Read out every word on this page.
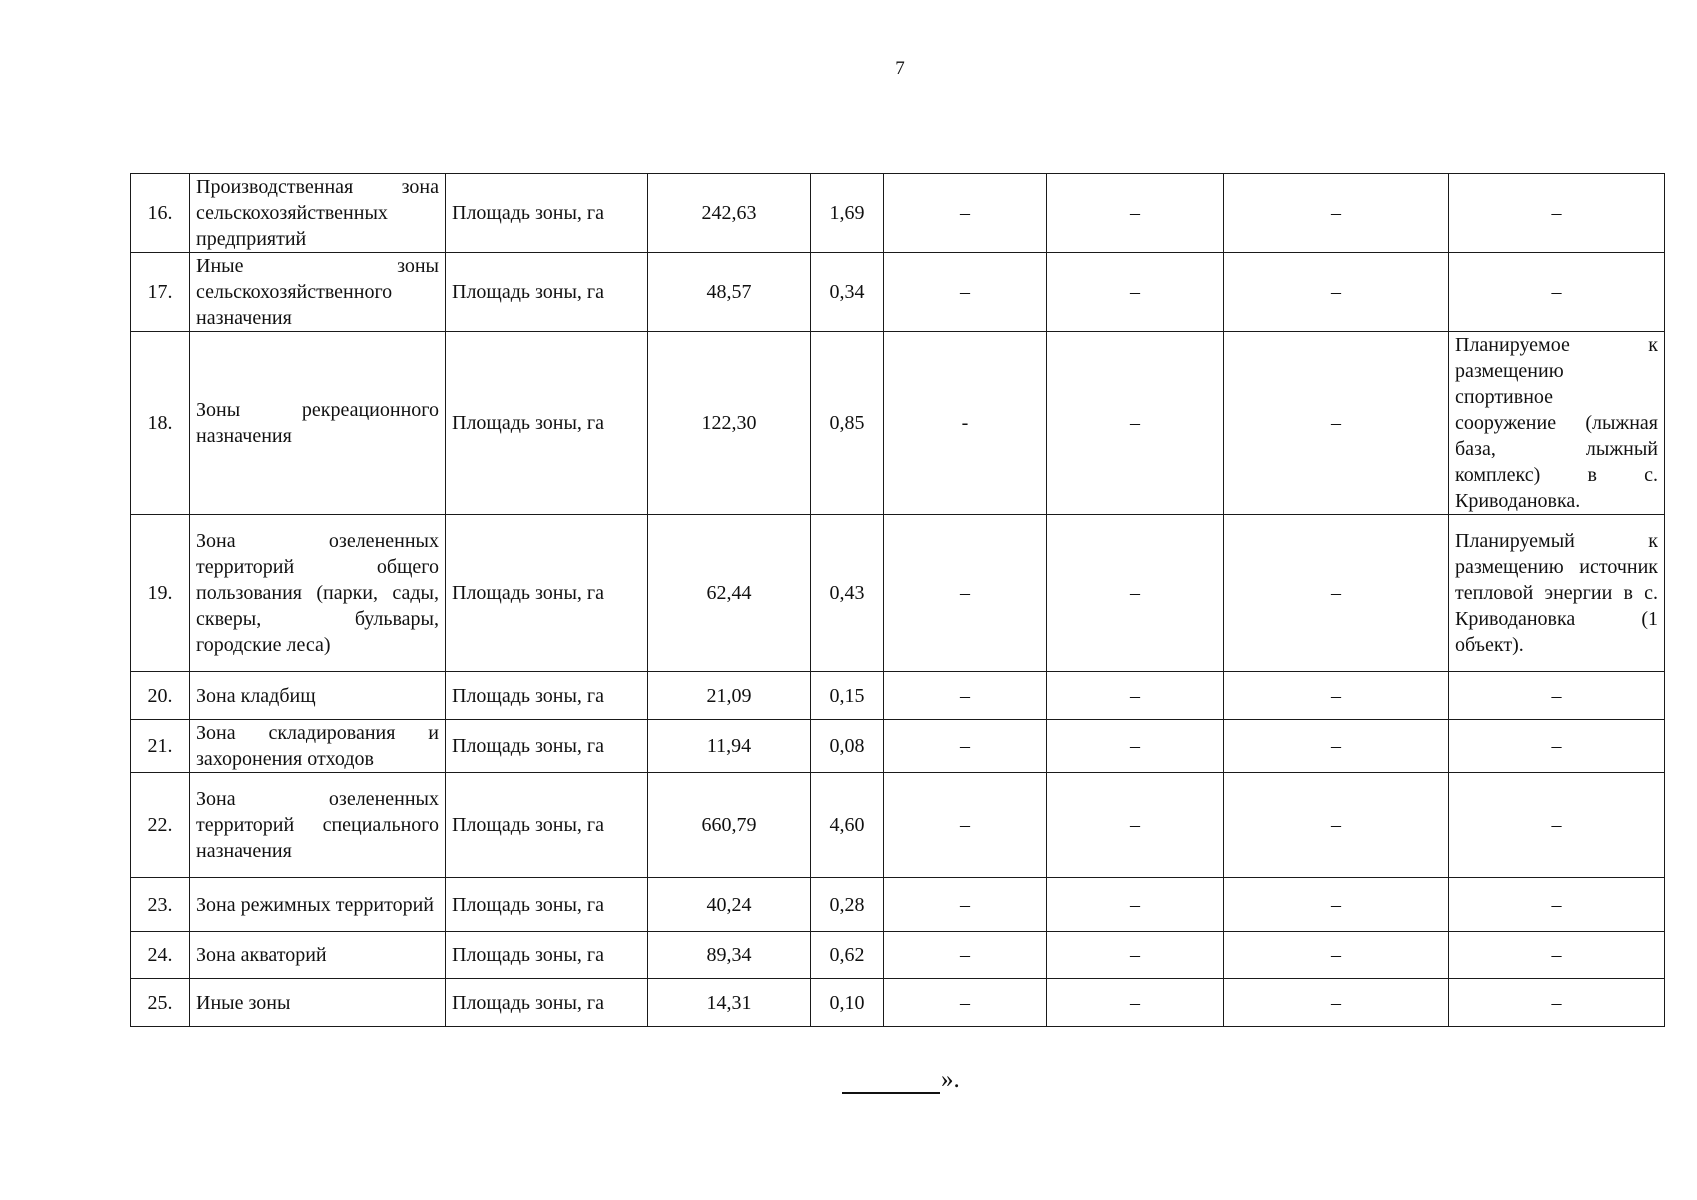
7
16.	Производственная зона сельскохозяйственных предприятий	Площадь зоны, га	242,63	1,69	–	–	–	–
17.	Иные зоны сельскохозяйственного назначения	Площадь зоны, га	48,57	0,34	–	–	–	–
18.	Зоны рекреационного назначения	Площадь зоны, га	122,30	0,85	-	–	–	Планируемое к размещению спортивное сооружение (лыжная база, лыжный комплекс) в с. Криводановка.
19.	Зона озелененных территорий общего пользования (парки, сады, скверы, бульвары, городские леса)	Площадь зоны, га	62,44	0,43	–	–	–	Планируемый к размещению источник тепловой энергии в с. Криводановка (1 объект).
20.	Зона кладбищ	Площадь зоны, га	21,09	0,15	–	–	–	–
21.	Зона складирования и захоронения отходов	Площадь зоны, га	11,94	0,08	–	–	–	–
22.	Зона озелененных территорий специального назначения	Площадь зоны, га	660,79	4,60	–	–	–	–
23.	Зона режимных территорий	Площадь зоны, га	40,24	0,28	–	–	–	–
24.	Зона акваторий	Площадь зоны, га	89,34	0,62	–	–	–	–
25.	Иные зоны	Площадь зоны, га	14,31	0,10	–	–	–	–
».
